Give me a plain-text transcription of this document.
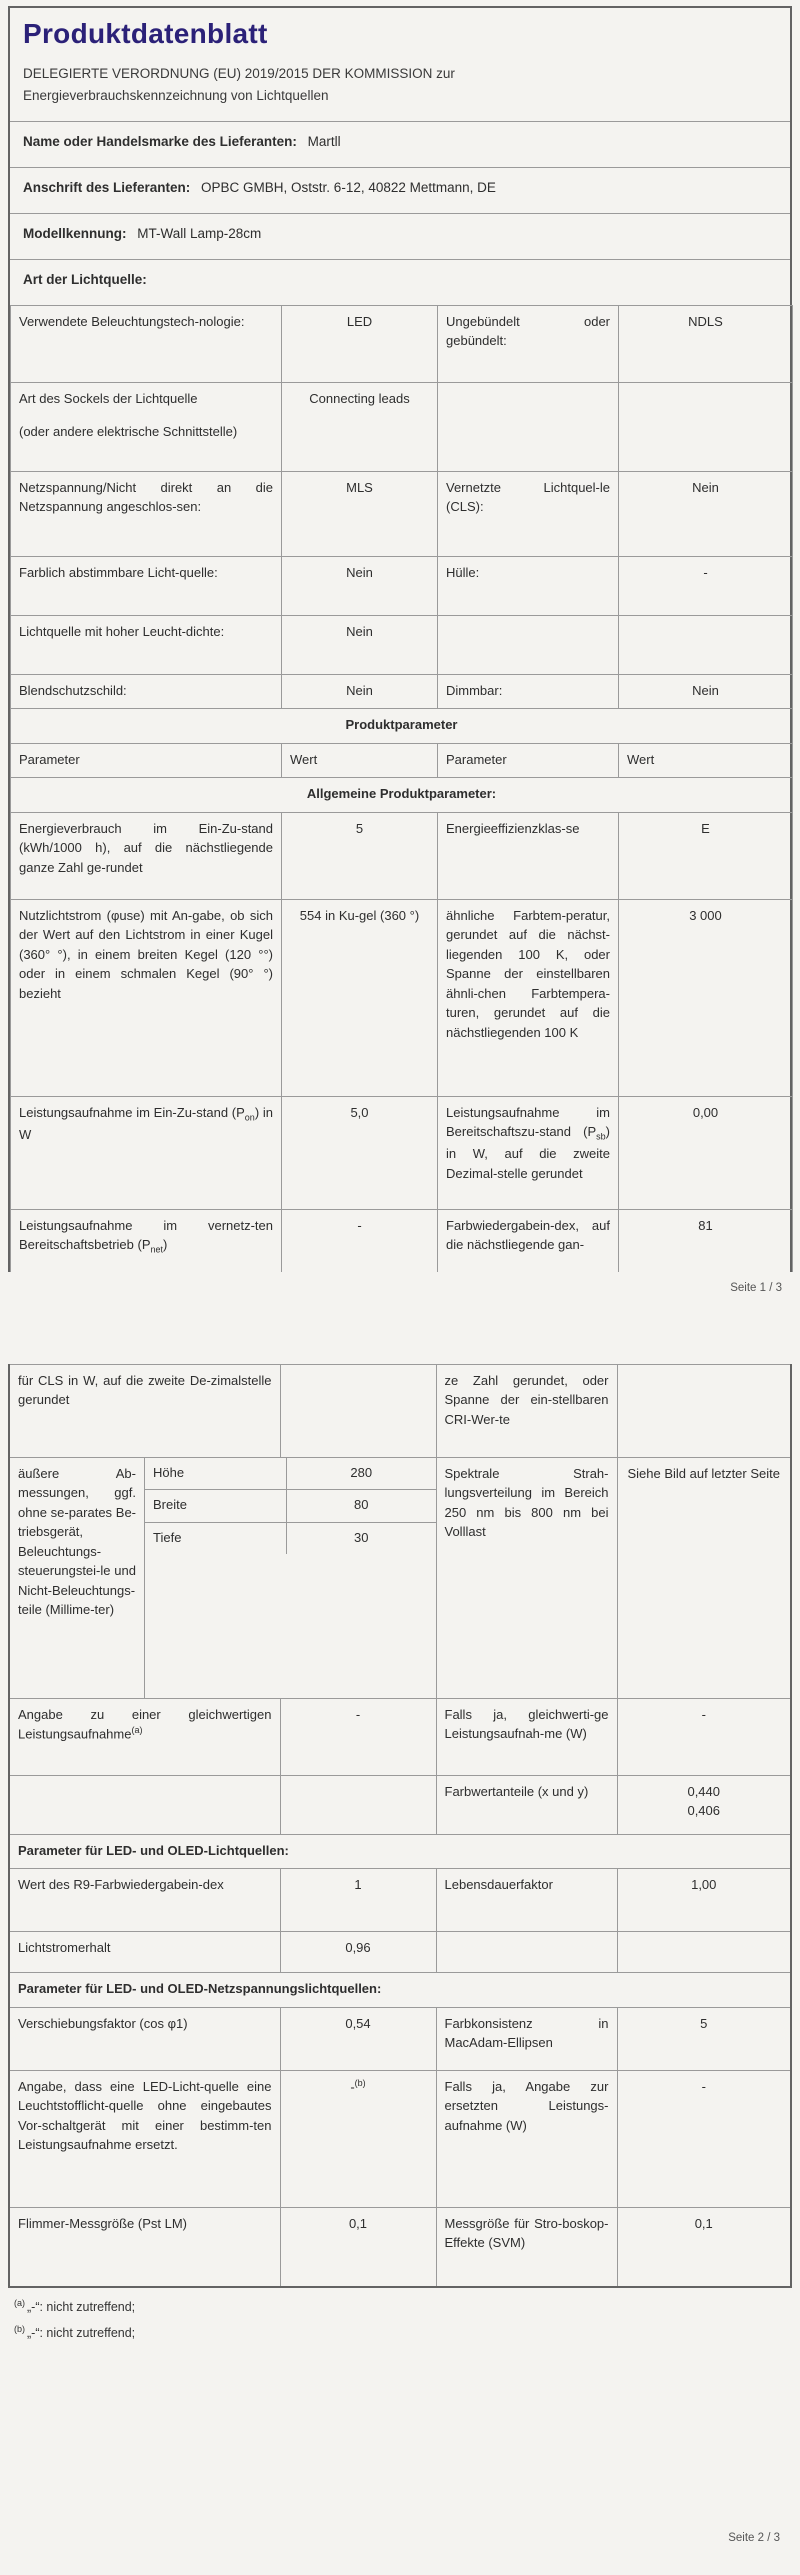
Produktdatenblatt
DELEGIERTE VERORDNUNG (EU) 2019/2015 DER KOMMISSION zur
Energieverbrauchskennzeichnung von Lichtquellen
Name oder Handelsmarke des Lieferanten: Martll
Anschrift des Lieferanten: OPBC GMBH, Oststr. 6-12, 40822 Mettmann, DE
Modellkennung: MT-Wall Lamp-28cm
Art der Lichtquelle:
Verwendete Beleuchtungstech-nologie:	LED	Ungebündelt oder gebündelt:	NDLS

Art des Sockels der Lichtquelle
(oder andere elektrische Schnittstelle)	Connecting leads		
Netzspannung/Nicht direkt an die Netzspannung angeschlos-sen:	MLS	Vernetzte Lichtquel-le (CLS):	Nein
Farblich abstimmbare Licht-quelle:	Nein	Hülle:	-
Lichtquelle mit hoher Leucht-dichte:	Nein		
Blendschutzschild:	Nein	Dimmbar:	Nein
Produktparameter			
Parameter	Wert	Parameter	Wert
Allgemeine Produktparameter:			
Energieverbrauch im Ein-Zu-stand (kWh/1000 h), auf die nächstliegende ganze Zahl ge-rundet	5	Energieeffizienzklas-se	E
Nutzlichtstrom (φuse) mit An-gabe, ob sich der Wert auf den Lichtstrom in einer Kugel (360° °), in einem breiten Kegel (120 °°) oder in einem schmalen Kegel (90° °) bezieht	554 in Ku-gel (360 °)	ähnliche Farbtem-peratur, gerundet auf die nächst-liegenden 100 K, oder Spanne der einstellbaren ähnli-chen Farbtempera-turen, gerundet auf die nächstliegenden 100 K	3 000
Leistungsaufnahme im Ein-Zu-stand $(P_{on})$ in W	5,0	Leistungsaufnahme im Bereitschaftszu-stand $(P_{sb})$ in W, auf die zweite Dezimal-stelle gerundet	0,00
Leistungsaufnahme im vernetz-ten Bereitschaftsbetrieb $(P_{net})$	-	Farbwiedergabein-dex, auf die nächstliegende gan-	81
Seite 1 / 3
für CLS in W, auf die zweite De-zimalstelle gerundet		ze Zahl gerundet, oder Spanne der ein-stellbaren CRI-Wer-te	

äußere Ab-messungen, ggf. ohne se-parates Be-triebsgerät, Beleuchtungs-steuerungstei-le und Nicht-Beleuchtungs-teile (Millime-ter)
Höhe	280
Breite	80
Tiefe	30
	Spektrale Strah-lungsverteilung im Bereich 250 nm bis 800 nm bei Volllast	Siehe Bild auf letzter Seite
Angabe zu einer gleichwertigen Leistungsaufnahme$^{(a)}$	-	Falls ja, gleichwerti-ge Leistungsaufnah-me (W)	-
		Farbwertanteile (x und y)	0,440
0,406

Parameter für LED- und OLED-Lichtquellen:			
Wert des R9-Farbwiedergabein-dex	1	Lebensdauerfaktor	1,00
Lichtstromerhalt	0,96		
Parameter für LED- und OLED-Netzspannungslichtquellen:			
Verschiebungsfaktor (cos φ1)	0,54	Farbkonsistenz in MacAdam-Ellipsen	5
Angabe, dass eine LED-Licht-quelle eine Leuchtstofflicht-quelle ohne eingebautes Vor-schaltgerät mit einer bestimm-ten Leistungsaufnahme ersetzt.	-$^{(b)}$	Falls ja, Angabe zur ersetzten Leistungs-aufnahme (W)	-
Flimmer-Messgröße (Pst LM)	0,1	Messgröße für Stro-boskop-Effekte (SVM)	0,1
$^{(a)}$ „-“: nicht zutreffend;
$^{(b)}$ „-“: nicht zutreffend;
Seite 2 / 3
